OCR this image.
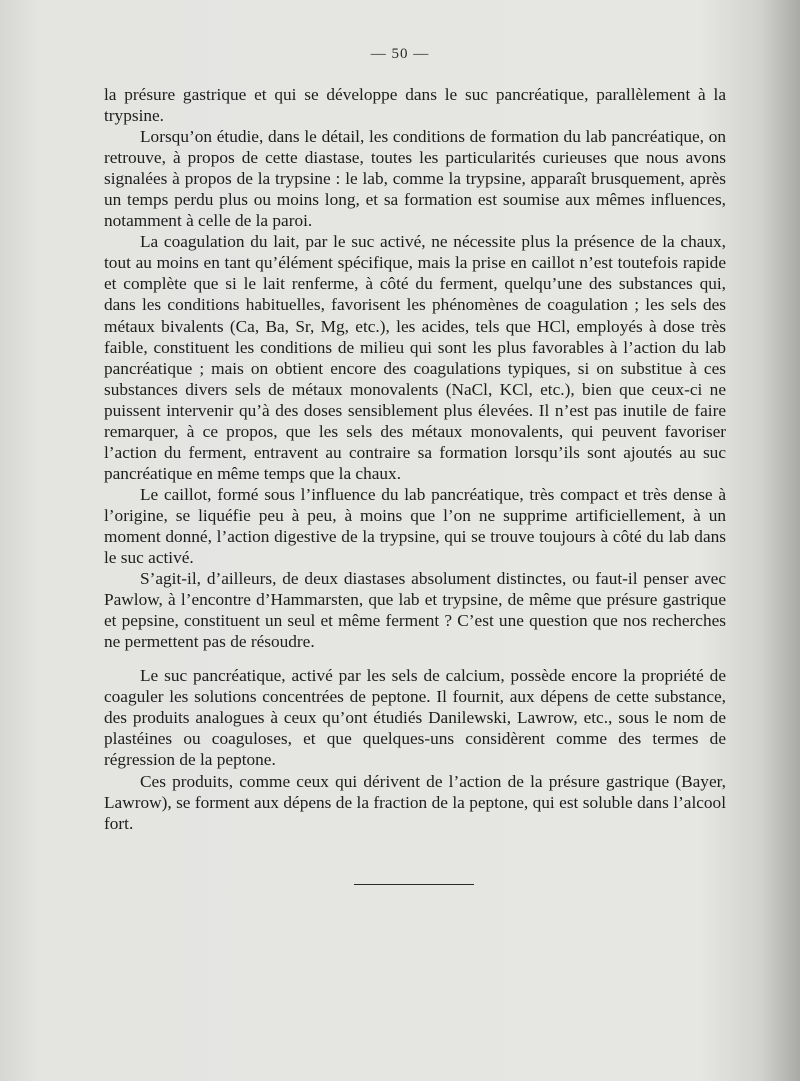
— 50 —

la présure gastrique et qui se développe dans le suc pancréatique, parallèlement à la trypsine.

Lorsqu’on étudie, dans le détail, les conditions de formation du lab pancréatique, on retrouve, à propos de cette diastase, toutes les particularités curieuses que nous avons signalées à propos de la trypsine : le lab, comme la trypsine, apparaît brusquement, après un temps perdu plus ou moins long, et sa formation est soumise aux mêmes influences, notamment à celle de la paroi.

La coagulation du lait, par le suc activé, ne nécessite plus la présence de la chaux, tout au moins en tant qu’élément spécifique, mais la prise en caillot n’est toutefois rapide et complète que si le lait renferme, à côté du ferment, quelqu’une des substances qui, dans les conditions habituelles, favorisent les phénomènes de coagulation ; les sels des métaux bivalents (Ca, Ba, Sr, Mg, etc.), les acides, tels que HCl, employés à dose très faible, constituent les conditions de milieu qui sont les plus favorables à l’action du lab pancréatique ; mais on obtient encore des coagulations typiques, si on substitue à ces substances divers sels de métaux monovalents (NaCl, KCl, etc.), bien que ceux-ci ne puissent intervenir qu’à des doses sensiblement plus élevées. Il n’est pas inutile de faire remarquer, à ce propos, que les sels des métaux monovalents, qui peuvent favoriser l’action du ferment, entravent au contraire sa formation lorsqu’ils sont ajoutés au suc pancréatique en même temps que la chaux.

Le caillot, formé sous l’influence du lab pancréatique, très compact et très dense à l’origine, se liquéfie peu à peu, à moins que l’on ne supprime artificiellement, à un moment donné, l’action digestive de la trypsine, qui se trouve toujours à côté du lab dans le suc activé.

S’agit-il, d’ailleurs, de deux diastases absolument distinctes, ou faut-il penser avec Pawlow, à l’encontre d’Hammarsten, que lab et trypsine, de même que présure gastrique et pepsine, constituent un seul et même ferment ? C’est une question que nos recherches ne permettent pas de résoudre.

Le suc pancréatique, activé par les sels de calcium, possède encore la propriété de coaguler les solutions concentrées de peptone. Il fournit, aux dépens de cette substance, des produits analogues à ceux qu’ont étudiés Danilewski, Lawrow, etc., sous le nom de plastéines ou coaguloses, et que quelques-uns considèrent comme des termes de régression de la peptone.

Ces produits, comme ceux qui dérivent de l’action de la présure gastrique (Bayer, Lawrow), se forment aux dépens de la fraction de la peptone, qui est soluble dans l’alcool fort.
